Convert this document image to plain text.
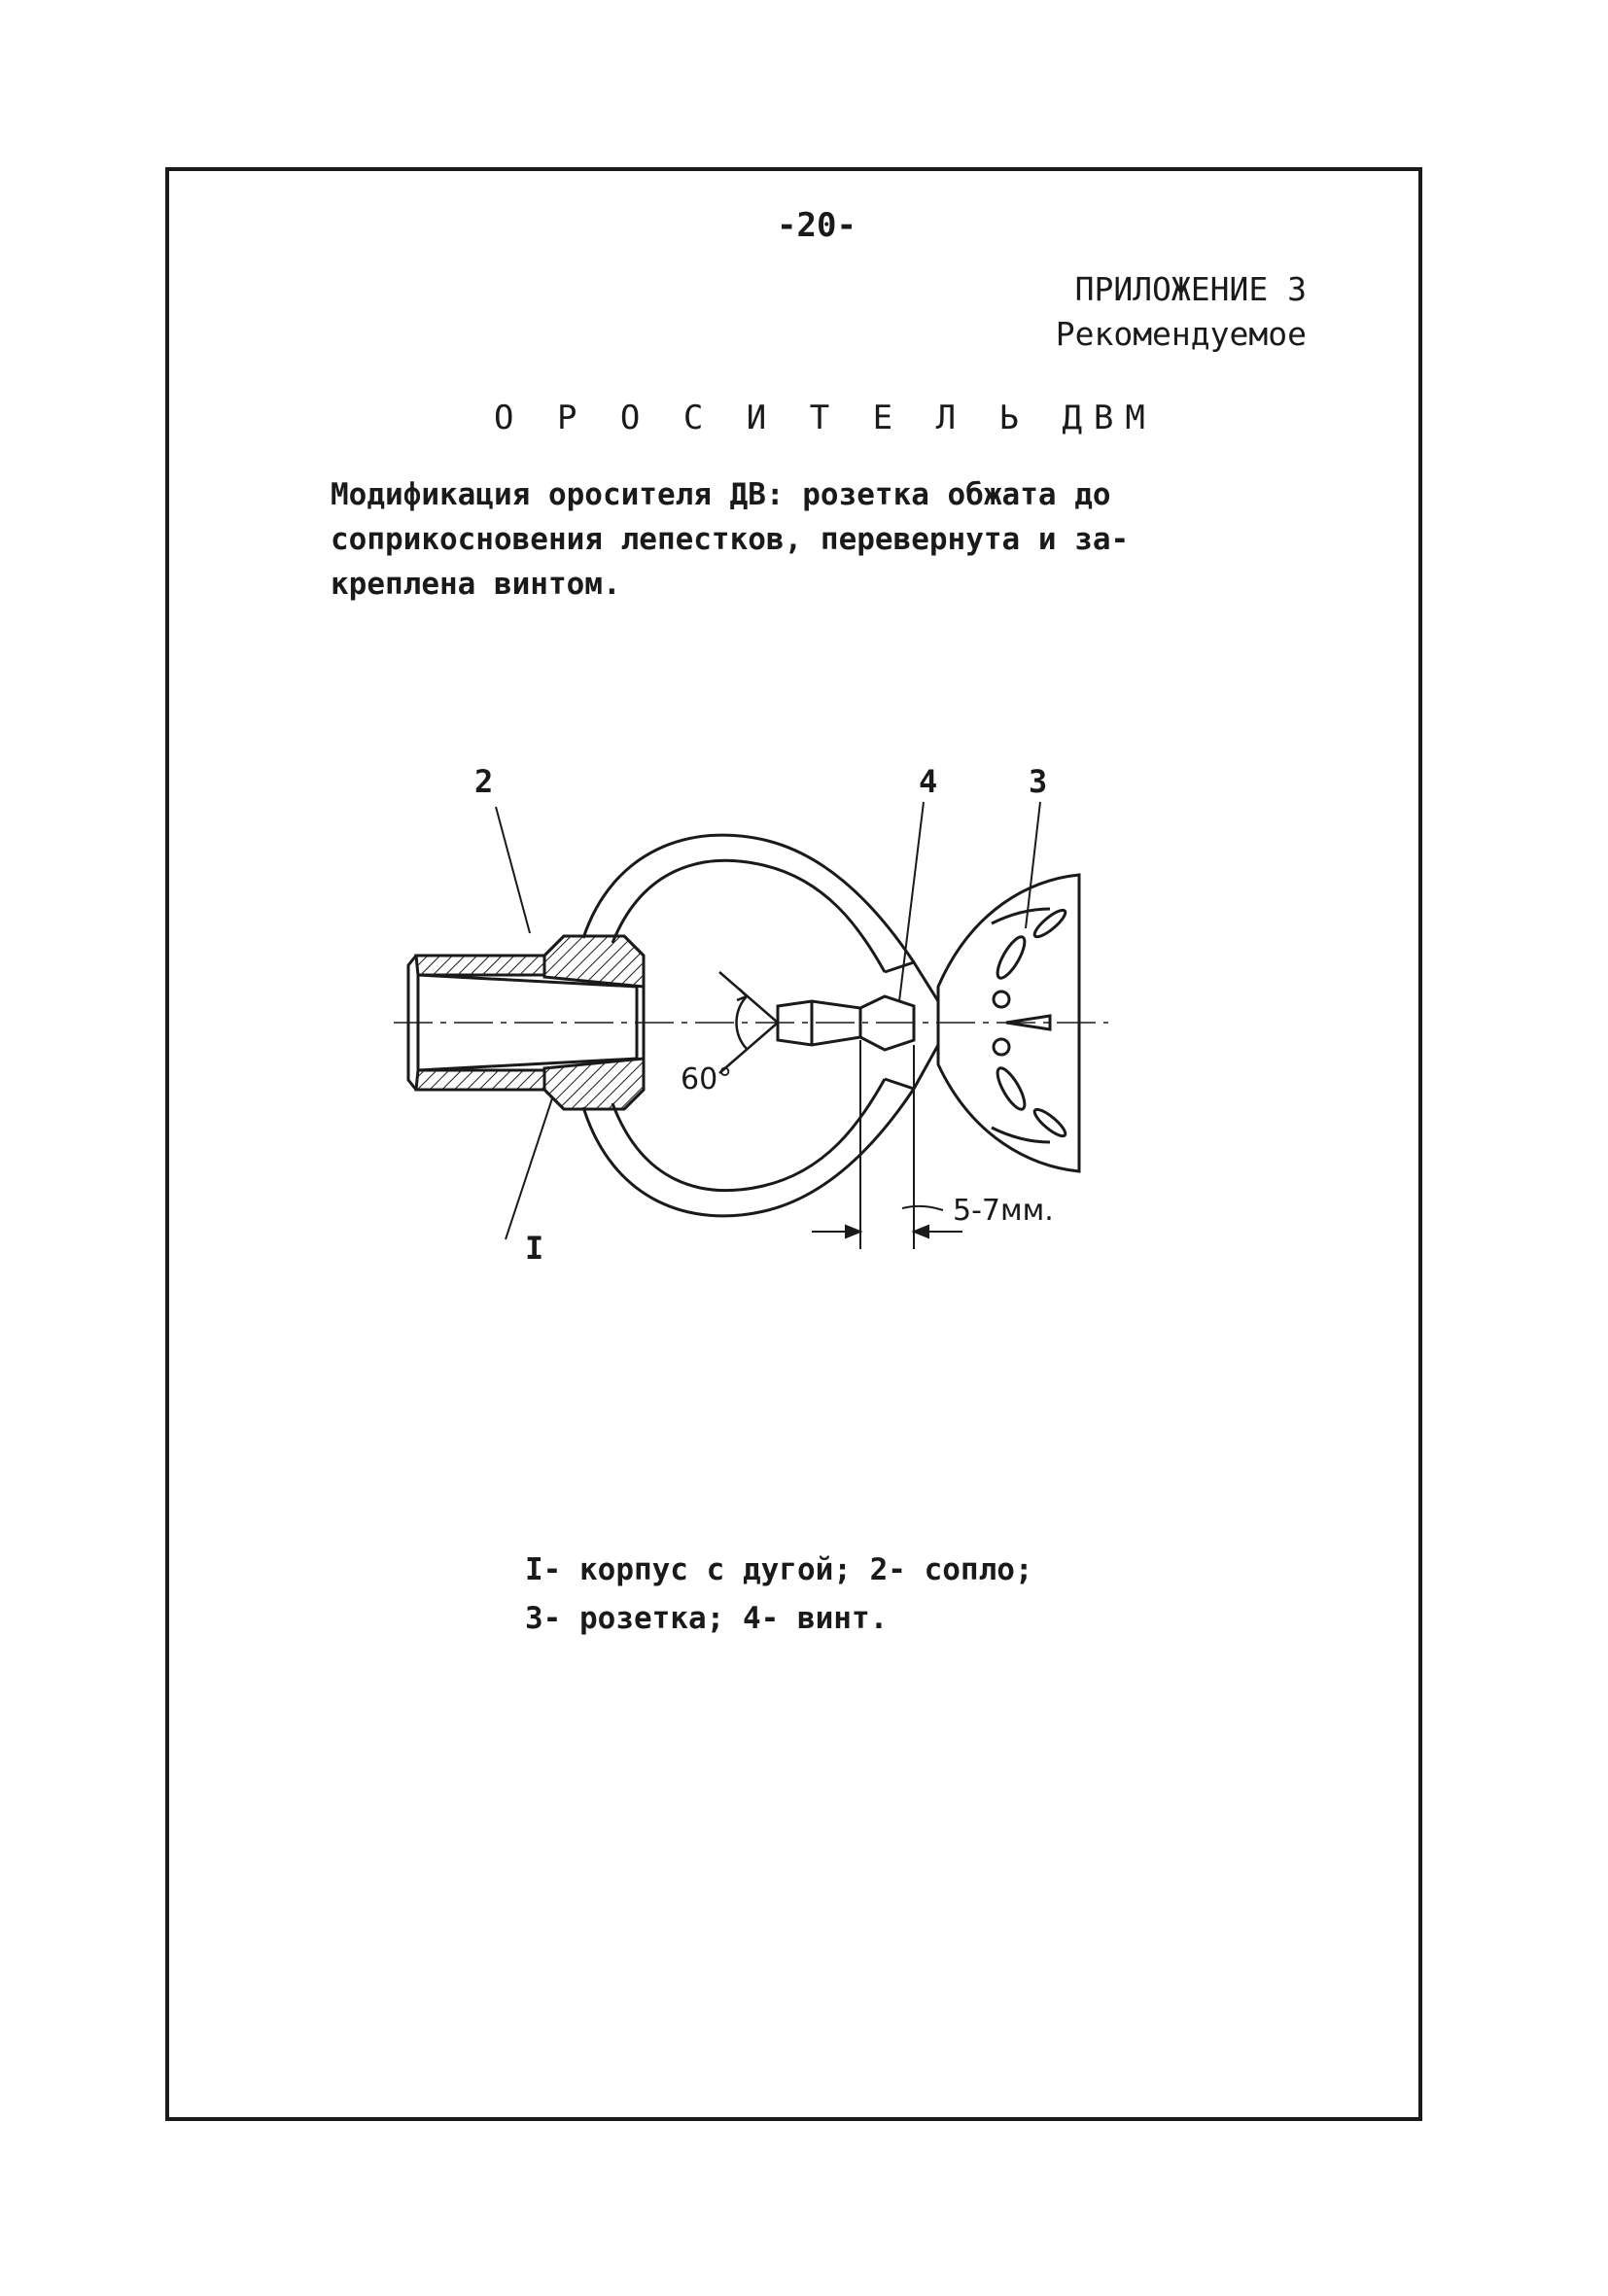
-20-
ПРИЛОЖЕНИЕ 3
Рекомендуемое
О Р О С И Т Е Л Ь ДВМ
Модификация оросителя ДВ: розетка обжата до
соприкосновения лепестков, перевернута и за-
креплена винтом.
60°
5-7мм.
2	4	3
I
I- корпус с дугой; 2- сопло;
3- розетка; 4- винт.
